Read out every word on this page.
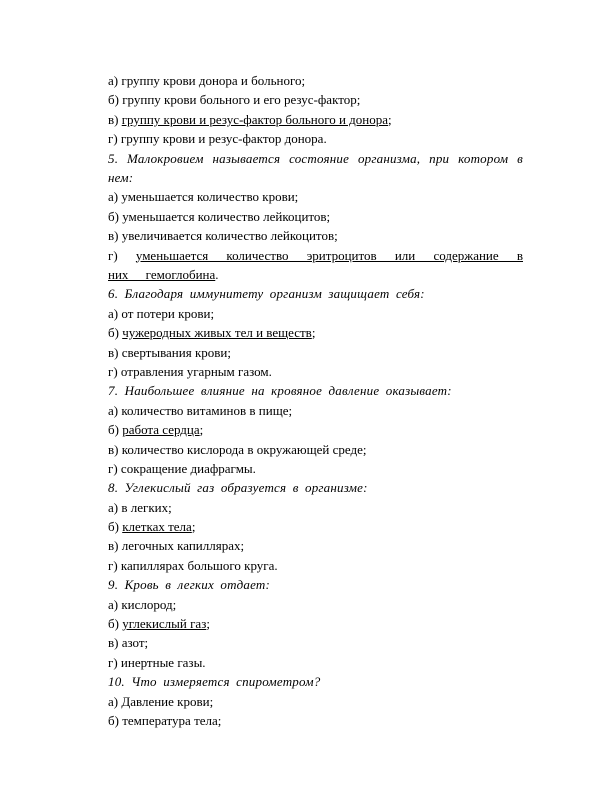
а) группу крови донора и больного;
б) группу крови больного и его резус-фактор;
в) группу крови и резус-фактор больного и донора;
г) группу крови и резус-фактор донора.
5. Малокровием называется состояние организма, при котором в нем:
а) уменьшается количество крови;
б) уменьшается количество лейкоцитов;
в) увеличивается количество лейкоцитов;
г) уменьшается количество эритроцитов или содержание в них гемоглобина.
6. Благодаря иммунитету организм защищает себя:
а) от потери крови;
б) чужеродных живых тел и веществ;
в) свертывания крови;
г) отравления угарным газом.
7. Наибольшее влияние на кровяное давление оказывает:
а) количество витаминов в пище;
б) работа сердца;
в) количество кислорода в окружающей среде;
г) сокращение диафрагмы.
8. Углекислый газ образуется в организме:
а) в легких;
б) клетках тела;
в) легочных капиллярах;
г) капиллярах большого круга.
9. Кровь в легких отдает:
а) кислород;
б) углекислый газ;
в) азот;
г) инертные газы.
10. Что измеряется спирометром?
а) Давление крови;
б) температура тела;
